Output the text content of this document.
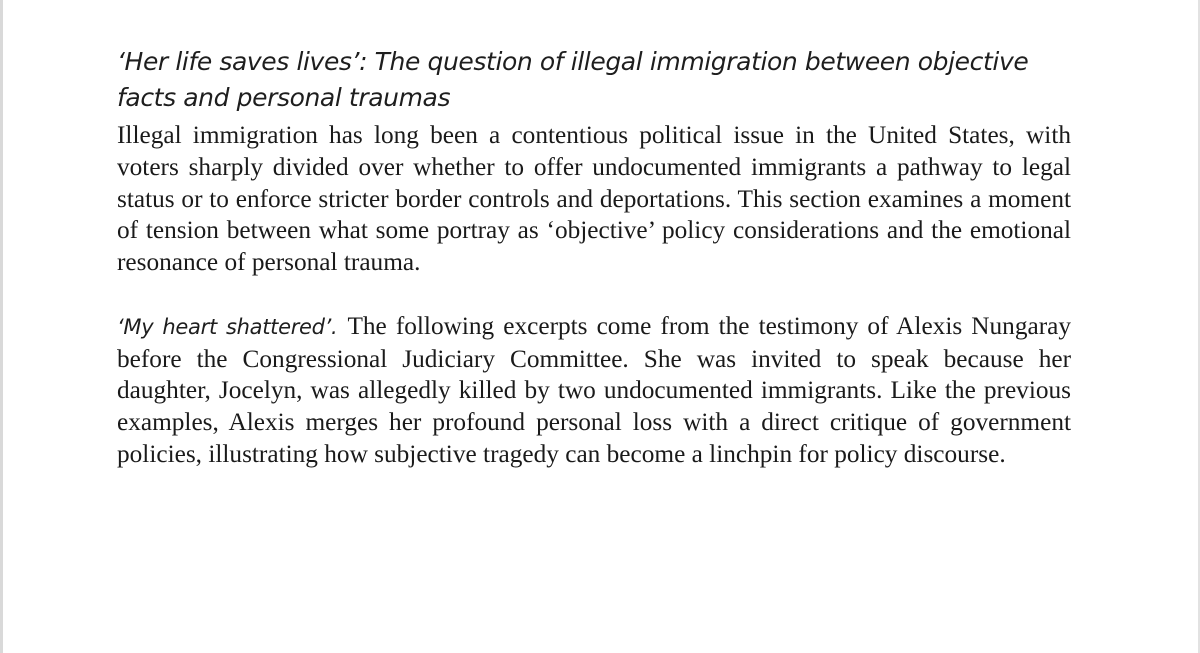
‘Her life saves lives’: The question of illegal immigration between objective facts and personal traumas

Illegal immigration has long been a contentious political issue in the United States, with voters sharply divided over whether to offer undocumented immigrants a pathway to legal status or to enforce stricter border controls and deportations. This section examines a moment of tension between what some portray as ‘objective’ policy considerations and the emotional resonance of personal trauma.

‘My heart shattered’. The following excerpts come from the testimony of Alexis Nungaray before the Congressional Judiciary Committee. She was invited to speak because her daughter, Jocelyn, was allegedly killed by two undocumented immigrants. Like the previous examples, Alexis merges her profound personal loss with a direct critique of government policies, illustrating how subjective tragedy can become a linchpin for policy discourse.
